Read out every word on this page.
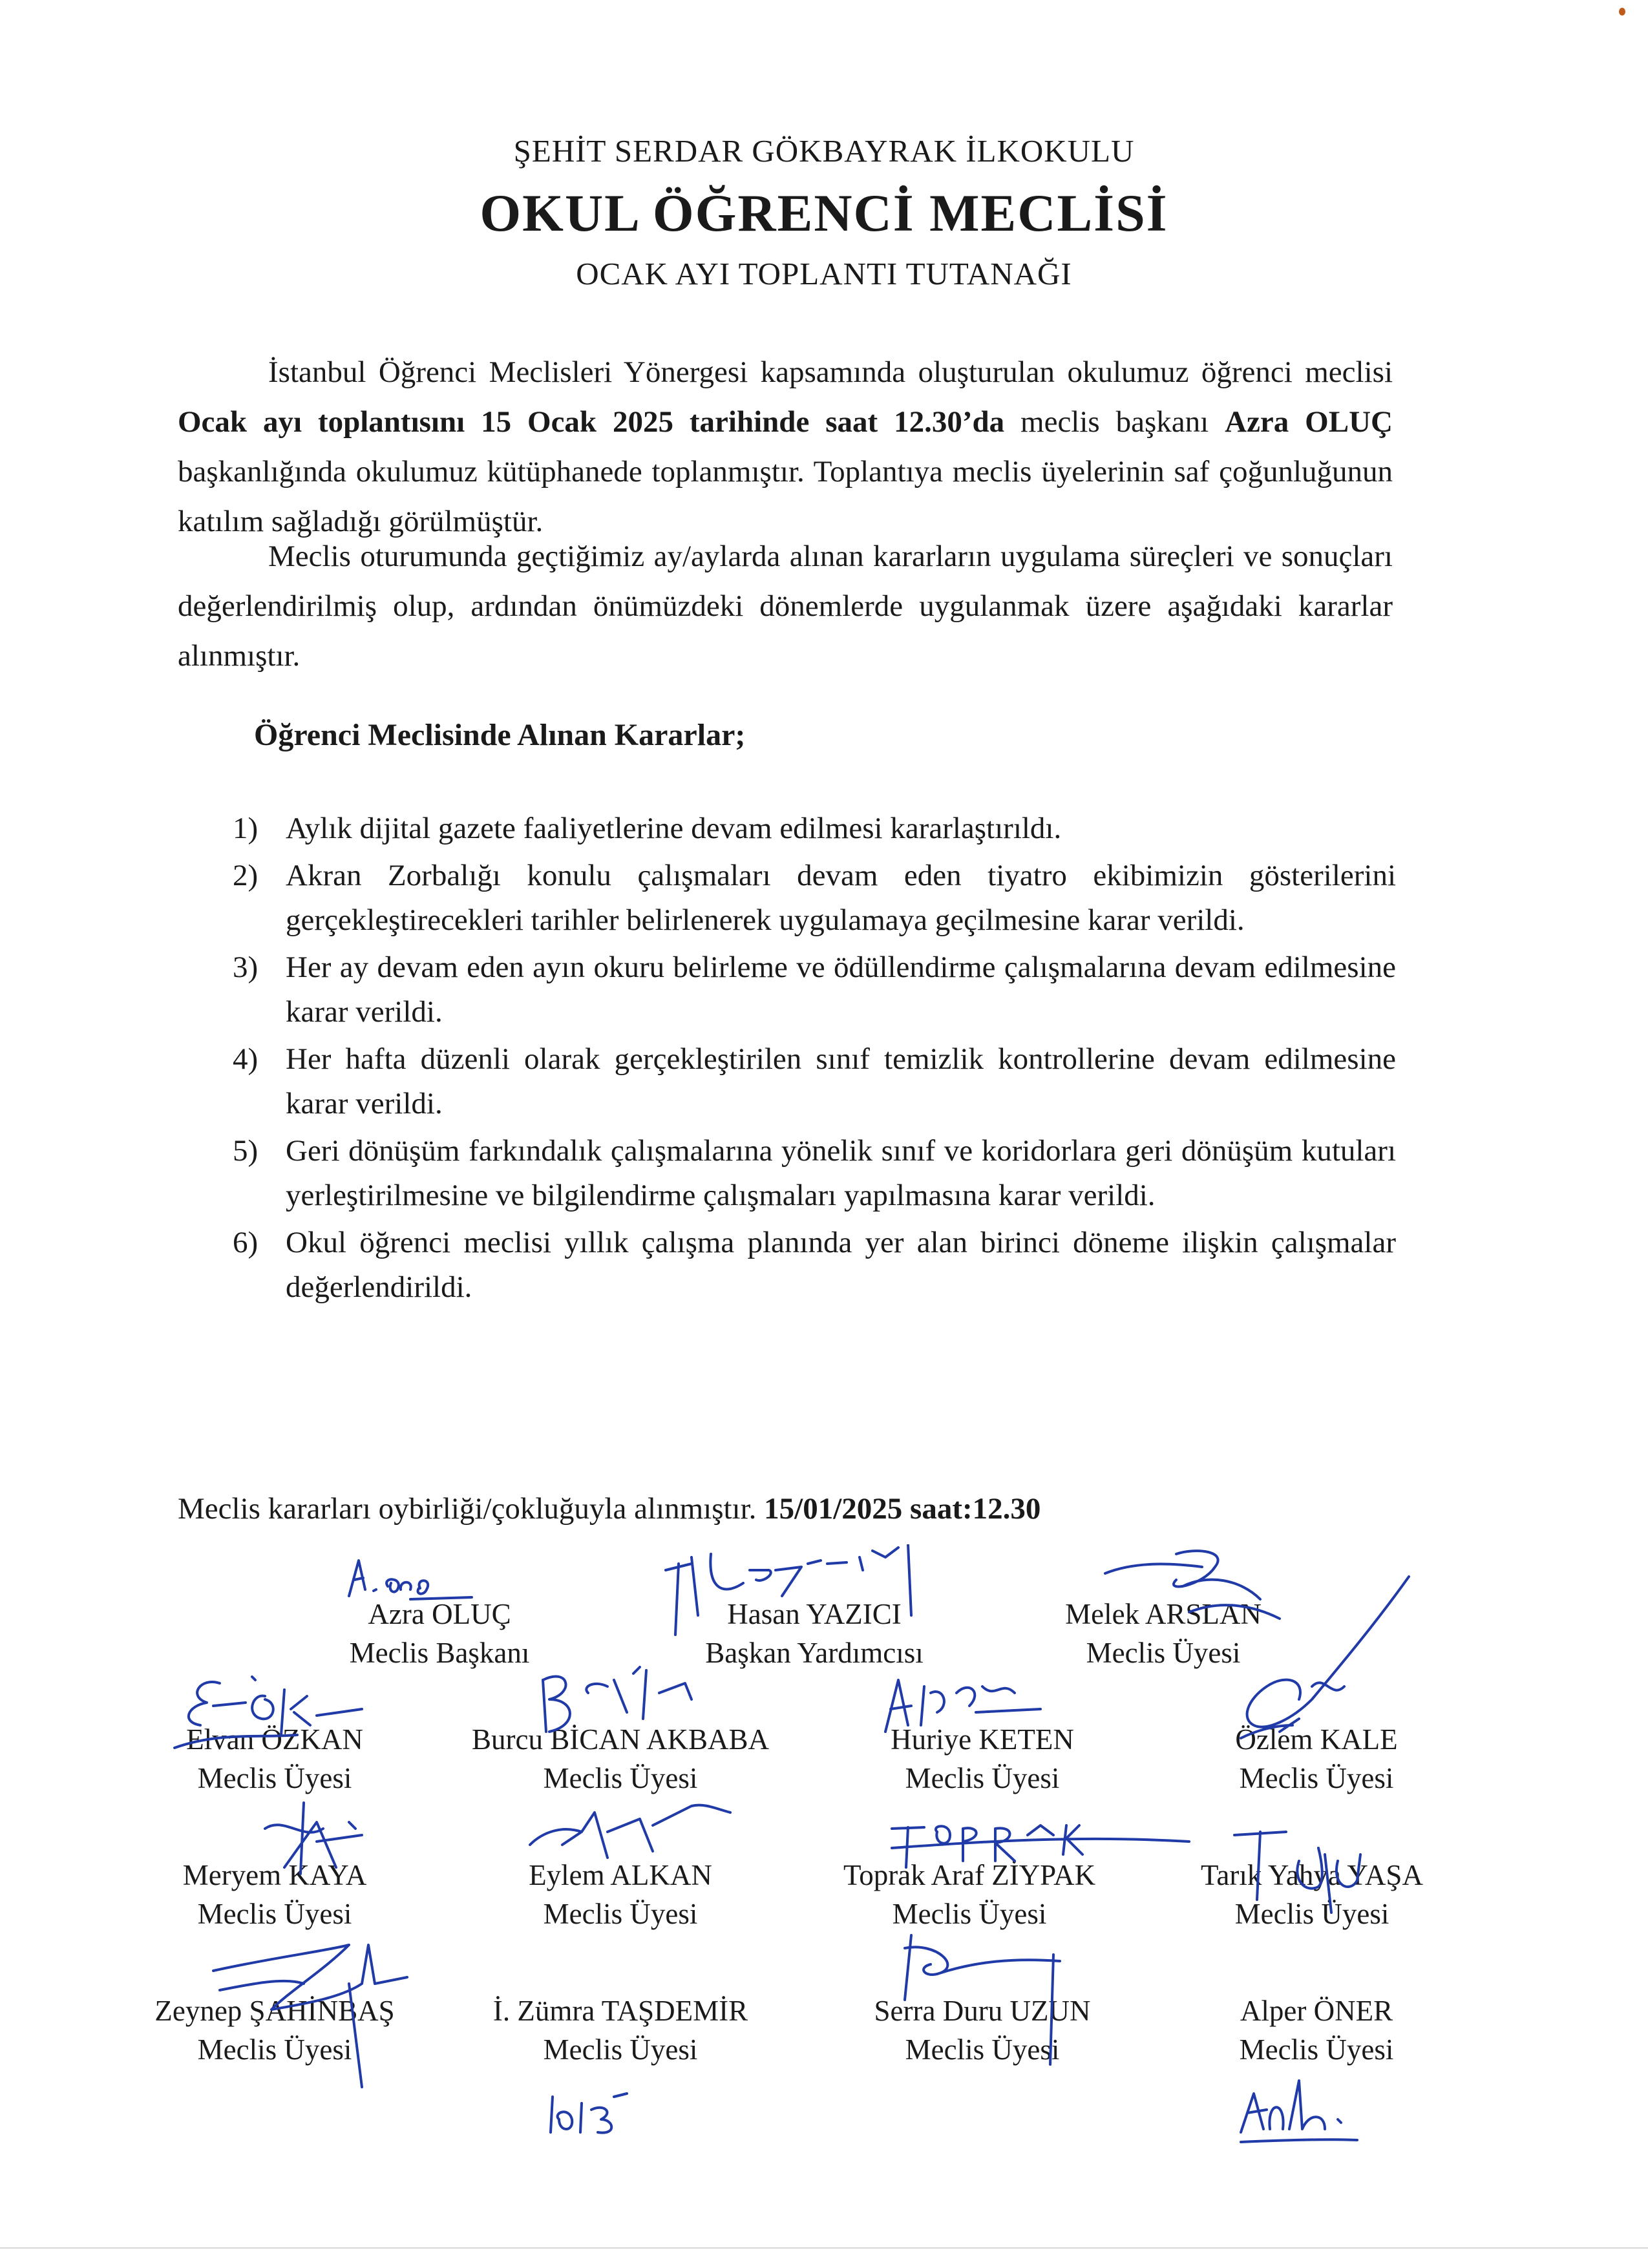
ŞEHİT SERDAR GÖKBAYRAK İLKOKULU
OKUL ÖĞRENCİ MECLİSİ
OCAK AYI TOPLANTI TUTANAĞI
İstanbul Öğrenci Meclisleri Yönergesi kapsamında oluşturulan okulumuz öğrenci meclisi Ocak ayı toplantısını 15 Ocak 2025 tarihinde saat 12.30’da meclis başkanı Azra OLUÇ başkanlığında okulumuz kütüphanede toplanmıştır. Toplantıya meclis üyelerinin saf çoğunluğunun katılım sağladığı görülmüştür.
Meclis oturumunda geçtiğimiz ay/aylarda alınan kararların uygulama süreçleri ve sonuçları değerlendirilmiş olup, ardından önümüzdeki dönemlerde uygulanmak üzere aşağıdaki kararlar alınmıştır.
Öğrenci Meclisinde Alınan Kararlar;
1) Aylık dijital gazete faaliyetlerine devam edilmesi kararlaştırıldı.
2) Akran Zorbalığı konulu çalışmaları devam eden tiyatro ekibimizin gösterilerini gerçekleştirecekleri tarihler belirlenerek uygulamaya geçilmesine karar verildi.
3) Her ay devam eden ayın okuru belirleme ve ödüllendirme çalışmalarına devam edilmesine karar verildi.
4) Her hafta düzenli olarak gerçekleştirilen sınıf temizlik kontrollerine devam edilmesine karar verildi.
5) Geri dönüşüm farkındalık çalışmalarına yönelik sınıf ve koridorlara geri dönüşüm kutuları yerleştirilmesine ve bilgilendirme çalışmaları yapılmasına karar verildi.
6) Okul öğrenci meclisi yıllık çalışma planında yer alan birinci döneme ilişkin çalışmalar değerlendirildi.
Meclis kararları oybirliği/çokluğuyla alınmıştır. 15/01/2025 saat:12.30
Azra OLUÇ
Meclis Başkanı
Hasan YAZICI
Başkan Yardımcısı
Melek ARSLAN
Meclis Üyesi
Elvan ÖZKAN
Meclis Üyesi
Burcu BİCAN AKBABA
Meclis Üyesi
Huriye KETEN
Meclis Üyesi
Özlem KALE
Meclis Üyesi
Meryem KAYA
Meclis Üyesi
Eylem ALKAN
Meclis Üyesi
Toprak Araf ZİYPAK
Meclis Üyesi
Tarık Yahya YAŞA
Meclis Üyesi
Zeynep ŞAHİNBAŞ
Meclis Üyesi
İ. Zümra TAŞDEMİR
Meclis Üyesi
Serra Duru UZUN
Meclis Üyesi
Alper ÖNER
Meclis Üyesi
